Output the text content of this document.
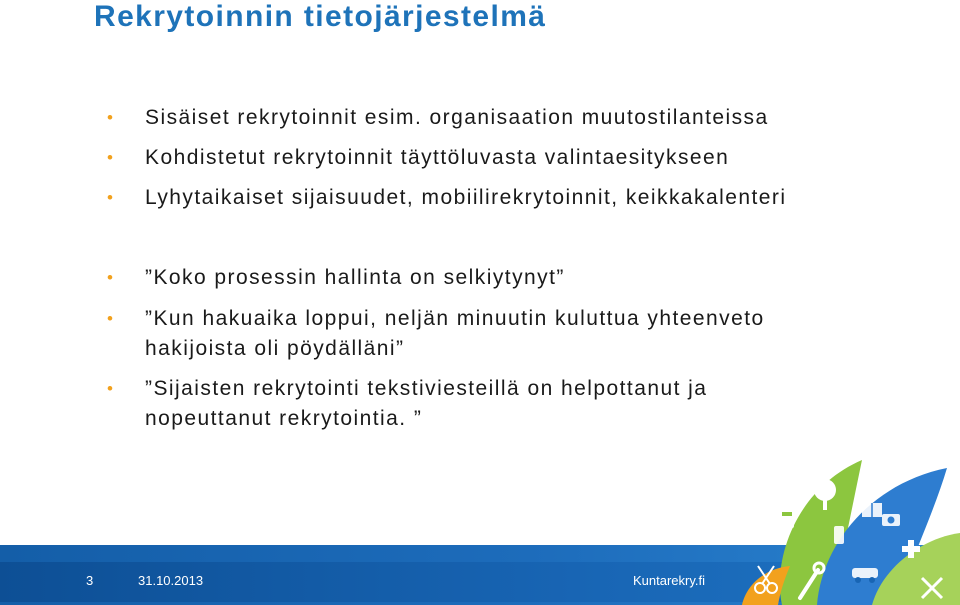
Rekrytoinnin tietojärjestelmä

• Sisäiset rekrytoinnit esim. organisaation muutostilanteissa

• Kohdistetut rekrytoinnit täyttöluvasta valintaesitykseen

• Lyhytaikaiset sijaisuudet, mobiilirekrytoinnit, keikkakalenteri

• ”Koko prosessin hallinta on selkiytynyt”

• ”Kun hakuaika loppui, neljän minuutin kuluttua yhteenveto

hakijoista oli pöydälläni”

• ”Sijaisten rekrytointi tekstiviesteillä on helpottanut ja

nopeuttanut rekrytointia. ”

3	31.10.2013	Kuntarekry.fi
